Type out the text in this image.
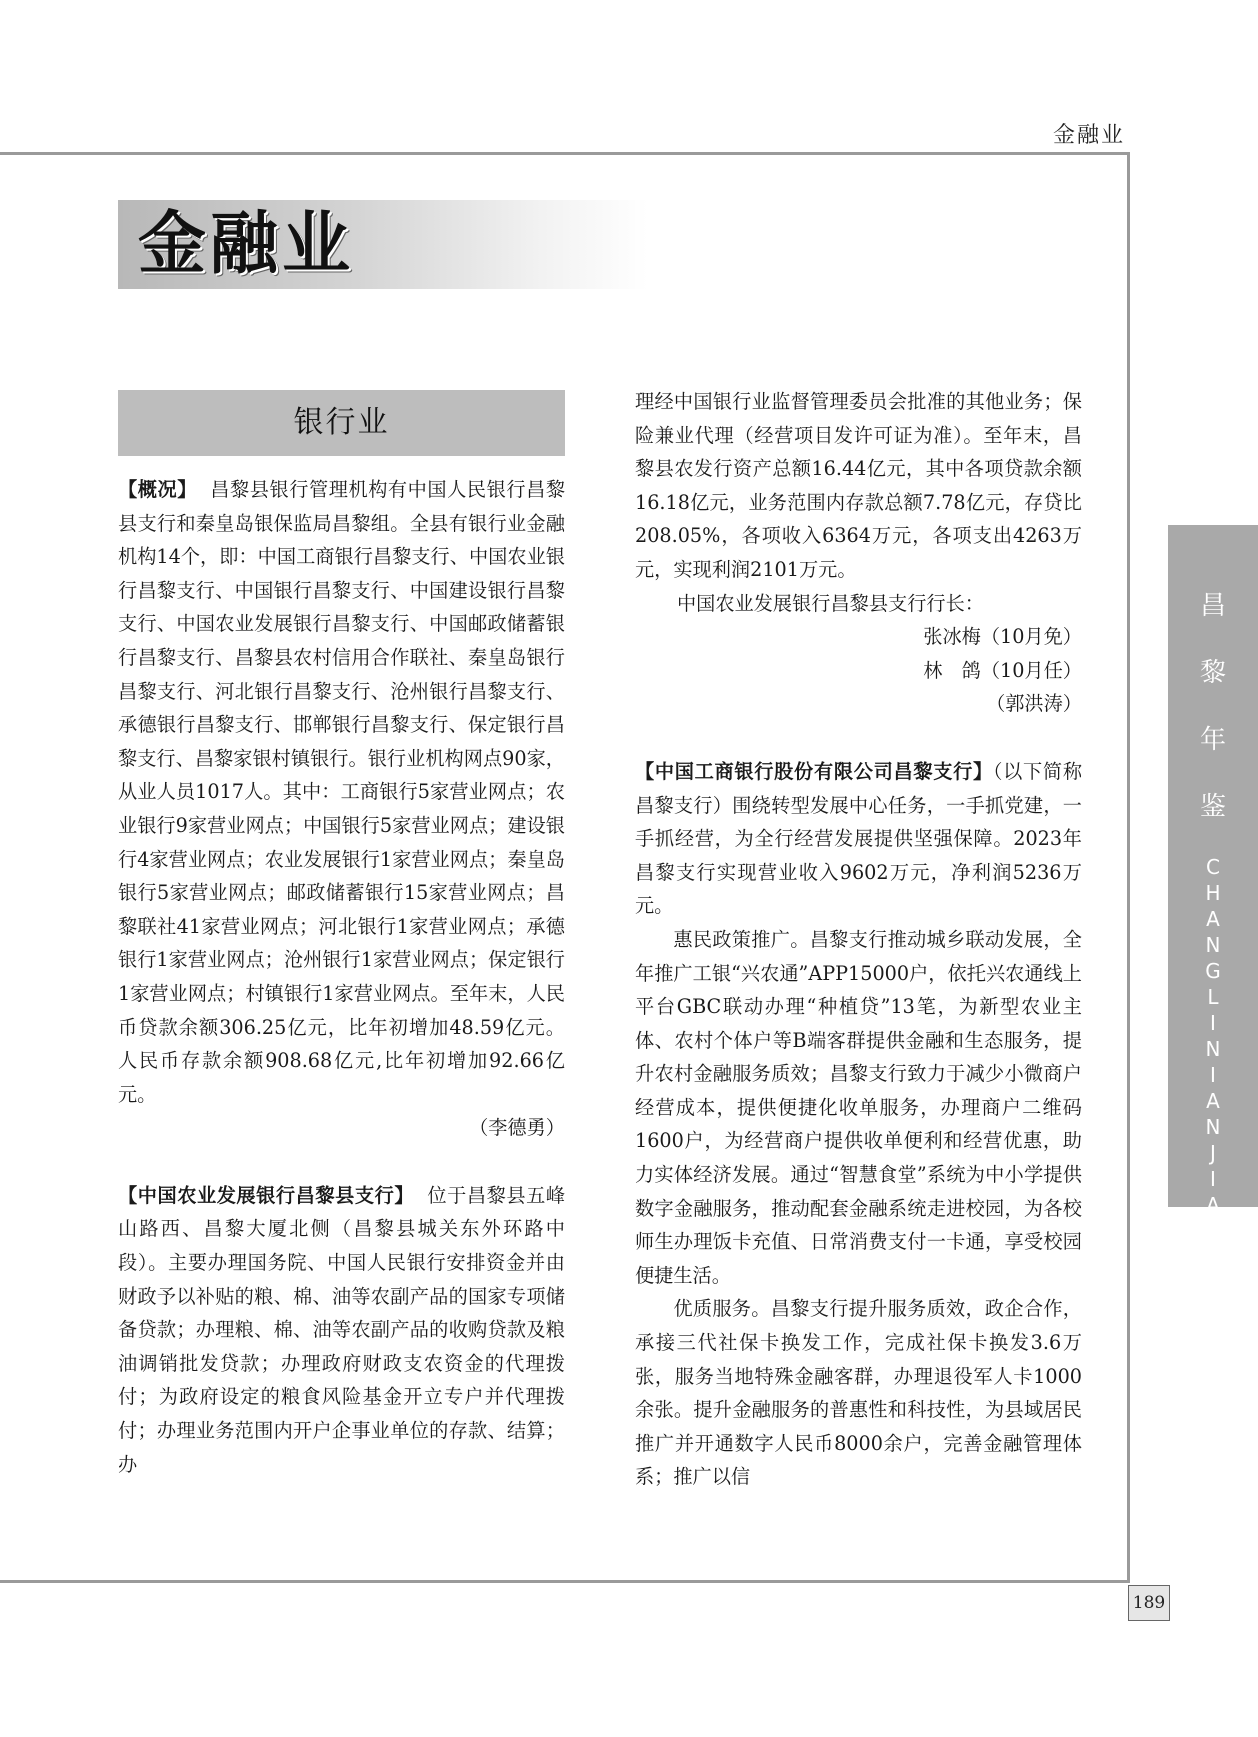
金融业
金融业
昌
黎
年
鉴
C
H
A
N
G
L
I
N
I
A
N
J
I
A
N
银行业

【概况】 昌黎县银行管理机构有中国人民银行昌黎县支行和秦皇岛银保监局昌黎组。全县有银行业金融机构14个，即：中国工商银行昌黎支行、中国农业银行昌黎支行、中国银行昌黎支行、中国建设银行昌黎支行、中国农业发展银行昌黎支行、中国邮政储蓄银行昌黎支行、昌黎县农村信用合作联社、秦皇岛银行昌黎支行、河北银行昌黎支行、沧州银行昌黎支行、承德银行昌黎支行、邯郸银行昌黎支行、保定银行昌黎支行、昌黎家银村镇银行。银行业机构网点90家，从业人员1017人。其中：工商银行5家营业网点；农业银行9家营业网点；中国银行5家营业网点；建设银行4家营业网点；农业发展银行1家营业网点；秦皇岛银行5家营业网点；邮政储蓄银行15家营业网点；昌黎联社41家营业网点；河北银行1家营业网点；承德银行1家营业网点；沧州银行1家营业网点；保定银行1家营业网点；村镇银行1家营业网点。至年末，人民币贷款余额306.25亿元，比年初增加48.59亿元。人民币存款余额908.68亿元,比年初增加92.66亿元。

（李德勇）

【中国农业发展银行昌黎县支行】 位于昌黎县五峰山路西、昌黎大厦北侧（昌黎县城关东外环路中段）。主要办理国务院、中国人民银行安排资金并由财政予以补贴的粮、棉、油等农副产品的国家专项储备贷款；办理粮、棉、油等农副产品的收购贷款及粮油调销批发贷款；办理政府财政支农资金的代理拨付；为政府设定的粮食风险基金开立专户并代理拨付；办理业务范围内开户企事业单位的存款、结算；办

理经中国银行业监督管理委员会批准的其他业务；保险兼业代理（经营项目发许可证为准）。至年末，昌黎县农发行资产总额16.44亿元，其中各项贷款余额16.18亿元，业务范围内存款总额7.78亿元，存贷比208.05%，各项收入6364万元，各项支出4263万元，实现利润2101万元。

中国农业发展银行昌黎县支行行长：

张冰梅（10月免）

林　鸽（10月任）

（郭洪涛）

【中国工商银行股份有限公司昌黎支行】（以下简称昌黎支行）围绕转型发展中心任务，一手抓党建，一手抓经营，为全行经营发展提供坚强保障。2023年昌黎支行实现营业收入9602万元，净利润5236万元。

惠民政策推广。昌黎支行推动城乡联动发展，全年推广工银“兴农通”APP15000户，依托兴农通线上平台GBC联动办理“种植贷”13笔，为新型农业主体、农村个体户等B端客群提供金融和生态服务，提升农村金融服务质效；昌黎支行致力于减少小微商户经营成本，提供便捷化收单服务，办理商户二维码1600户，为经营商户提供收单便利和经营优惠，助力实体经济发展。通过“智慧食堂”系统为中小学提供数字金融服务，推动配套金融系统走进校园，为各校师生办理饭卡充值、日常消费支付一卡通，享受校园便捷生活。

优质服务。昌黎支行提升服务质效，政企合作，承接三代社保卡换发工作，完成社保卡换发3.6万张，服务当地特殊金融客群，办理退役军人卡1000余张。提升金融服务的普惠性和科技性，为县域居民推广并开通数字人民币8000余户，完善金融管理体系；推广以信

189
